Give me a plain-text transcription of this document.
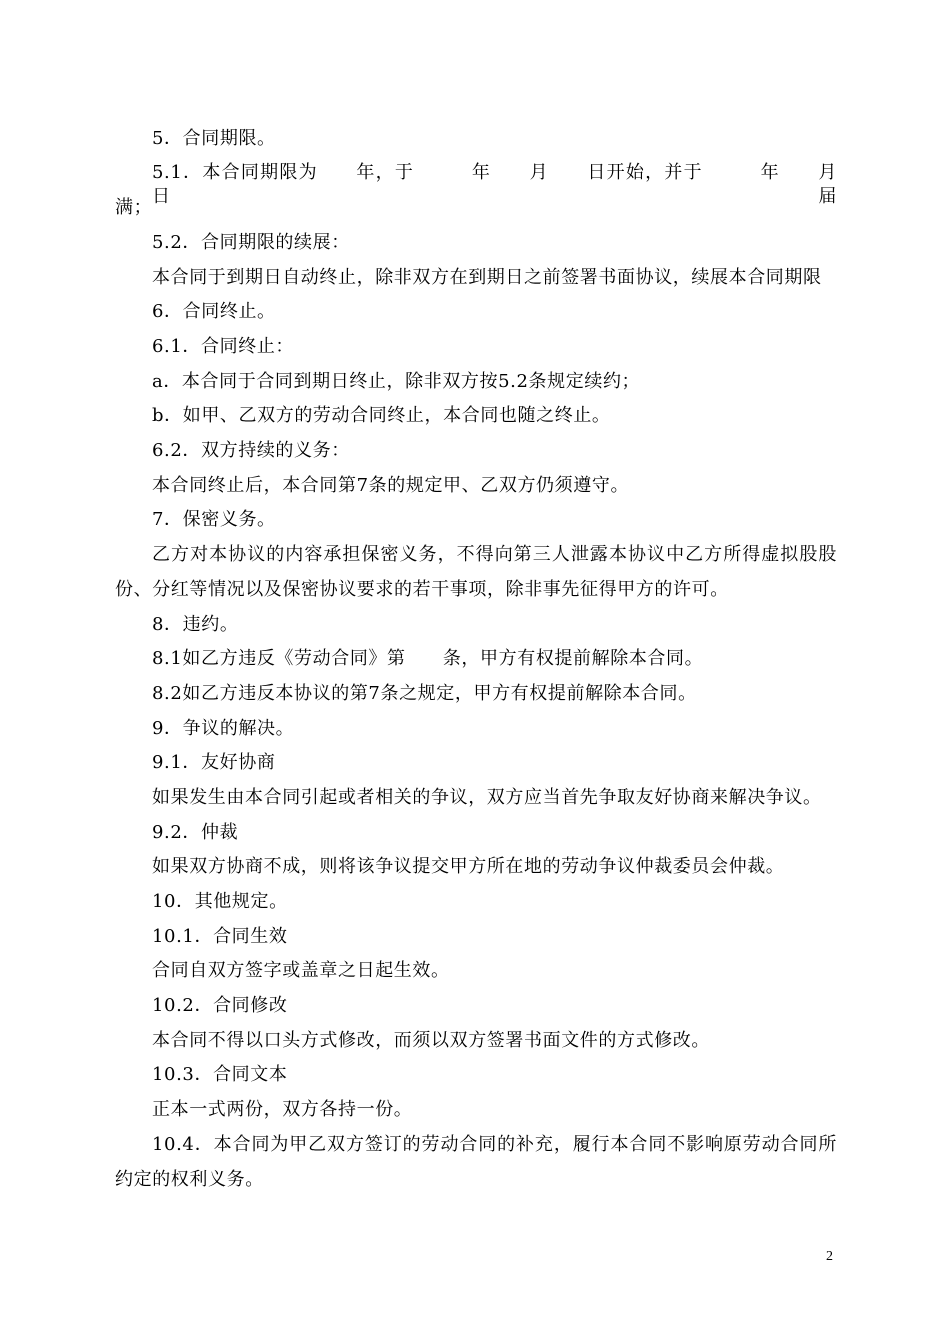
5．合同期限。
5.1．本合同期限为　　年，于　　　年　　月　　日开始，并于　　　年　　月　　日届
满；
5.2．合同期限的续展：
本合同于到期日自动终止，除非双方在到期日之前签署书面协议，续展本合同期限
6．合同终止。
6.1．合同终止：
a．本合同于合同到期日终止，除非双方按5.2条规定续约；
b．如甲、乙双方的劳动合同终止，本合同也随之终止。
6.2．双方持续的义务：
本合同终止后，本合同第7条的规定甲、乙双方仍须遵守。
7．保密义务。
乙方对本协议的内容承担保密义务，不得向第三人泄露本协议中乙方所得虚拟股股
份、分红等情况以及保密协议要求的若干事项，除非事先征得甲方的许可。
8．违约。
8.1如乙方违反《劳动合同》第　　条，甲方有权提前解除本合同。
8.2如乙方违反本协议的第7条之规定，甲方有权提前解除本合同。
9．争议的解决。
9.1．友好协商
如果发生由本合同引起或者相关的争议，双方应当首先争取友好协商来解决争议。
9.2．仲裁
如果双方协商不成，则将该争议提交甲方所在地的劳动争议仲裁委员会仲裁。
10．其他规定。
10.1．合同生效
合同自双方签字或盖章之日起生效。
10.2．合同修改
本合同不得以口头方式修改，而须以双方签署书面文件的方式修改。
10.3．合同文本
正本一式两份，双方各持一份。
10.4．本合同为甲乙双方签订的劳动合同的补充，履行本合同不影响原劳动合同所
约定的权利义务。
2
